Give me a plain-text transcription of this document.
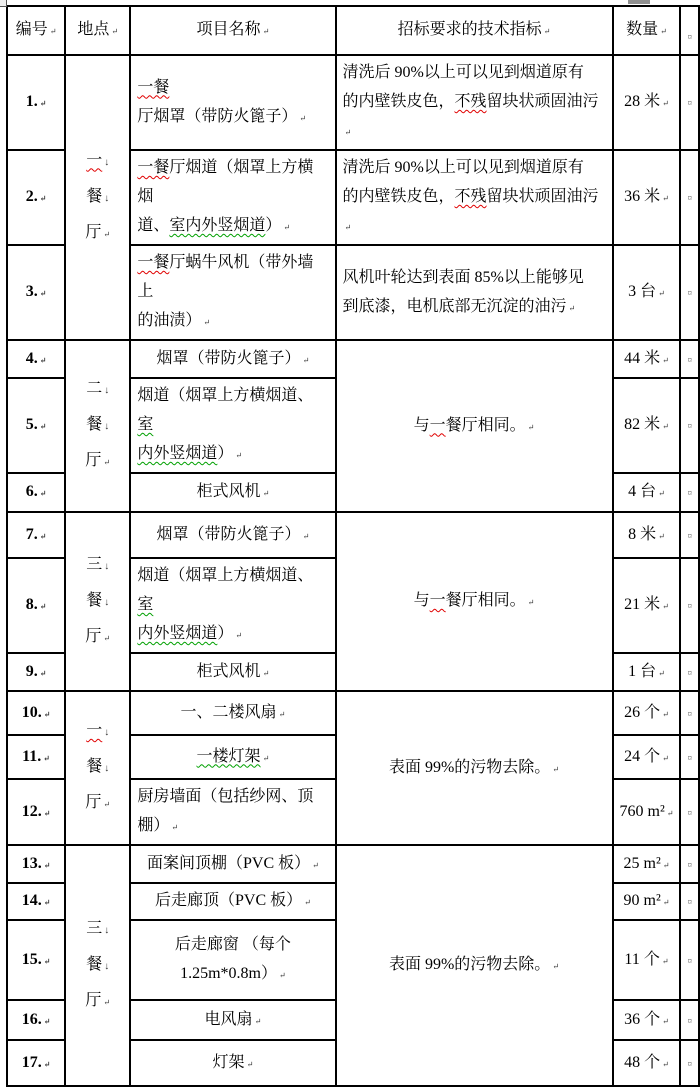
编号 ↵	地点 ↵	项目名称 ↵	招标要求的技术指标 ↵	数量 ↵	¤
1. ↵	
一 ↓
餐 ↓
厅 ↵
	一餐厅烟罩（带防火篦子） ↵	清洗后 90%以上可以见到烟道原有
的内壁铁皮色，不残留块状顽固油污↵	28 米 ↵	¤
2. ↵		一餐厅烟道（烟罩上方横烟
道、室内外竖烟道） ↵	清洗后 90%以上可以见到烟道原有
的内壁铁皮色，不残留块状顽固油污↵	36 米 ↵	¤
3. ↵		一餐厅蜗牛风机（带外墙上
的油渍） ↵	风机叶轮达到表面 85%以上能够见
到底漆，电机底部无沉淀的油污 ↵	3 台 ↵	¤
4. ↵	二 ↓
餐 ↓
厅 ↵	烟罩（带防火篦子） ↵	与一餐厅相同。 ↵	44 米 ↵	¤
5. ↵		烟道（烟罩上方横烟道、室
内外竖烟道） ↵		82 米 ↵	¤
6. ↵		柜式风机 ↵		4 台 ↵	¤
7. ↵	三 ↓
餐 ↓
厅 ↵	烟罩（带防火篦子） ↵	与一餐厅相同。 ↵	8 米 ↵	¤
8. ↵		烟道（烟罩上方横烟道、室
内外竖烟道） ↵		21 米 ↵	¤
9. ↵		柜式风机 ↵		1 台 ↵	¤
10. ↵	一 ↓
餐 ↓
厅 ↵	一、二楼风扇 ↵	表面 99%的污物去除。 ↵	26 个 ↵	¤
11. ↵		一楼灯架 ↵		24 个 ↵	¤
12. ↵		厨房墙面（包括纱网、顶棚） ↵		760 m² ↵	¤
13. ↵	三 ↓
餐 ↓
厅 ↵	面案间顶棚（PVC 板） ↵	表面 99%的污物去除。 ↵	25 m² ↵	¤
14. ↵		后走廊顶（PVC 板） ↵		90 m² ↵	¤
15. ↵		后走廊窗 （每个
1.25m*0.8m） ↵		11 个 ↵	¤
16. ↵		电风扇 ↵		36 个 ↵	¤
17. ↵		灯架 ↵		48 个 ↵	¤
